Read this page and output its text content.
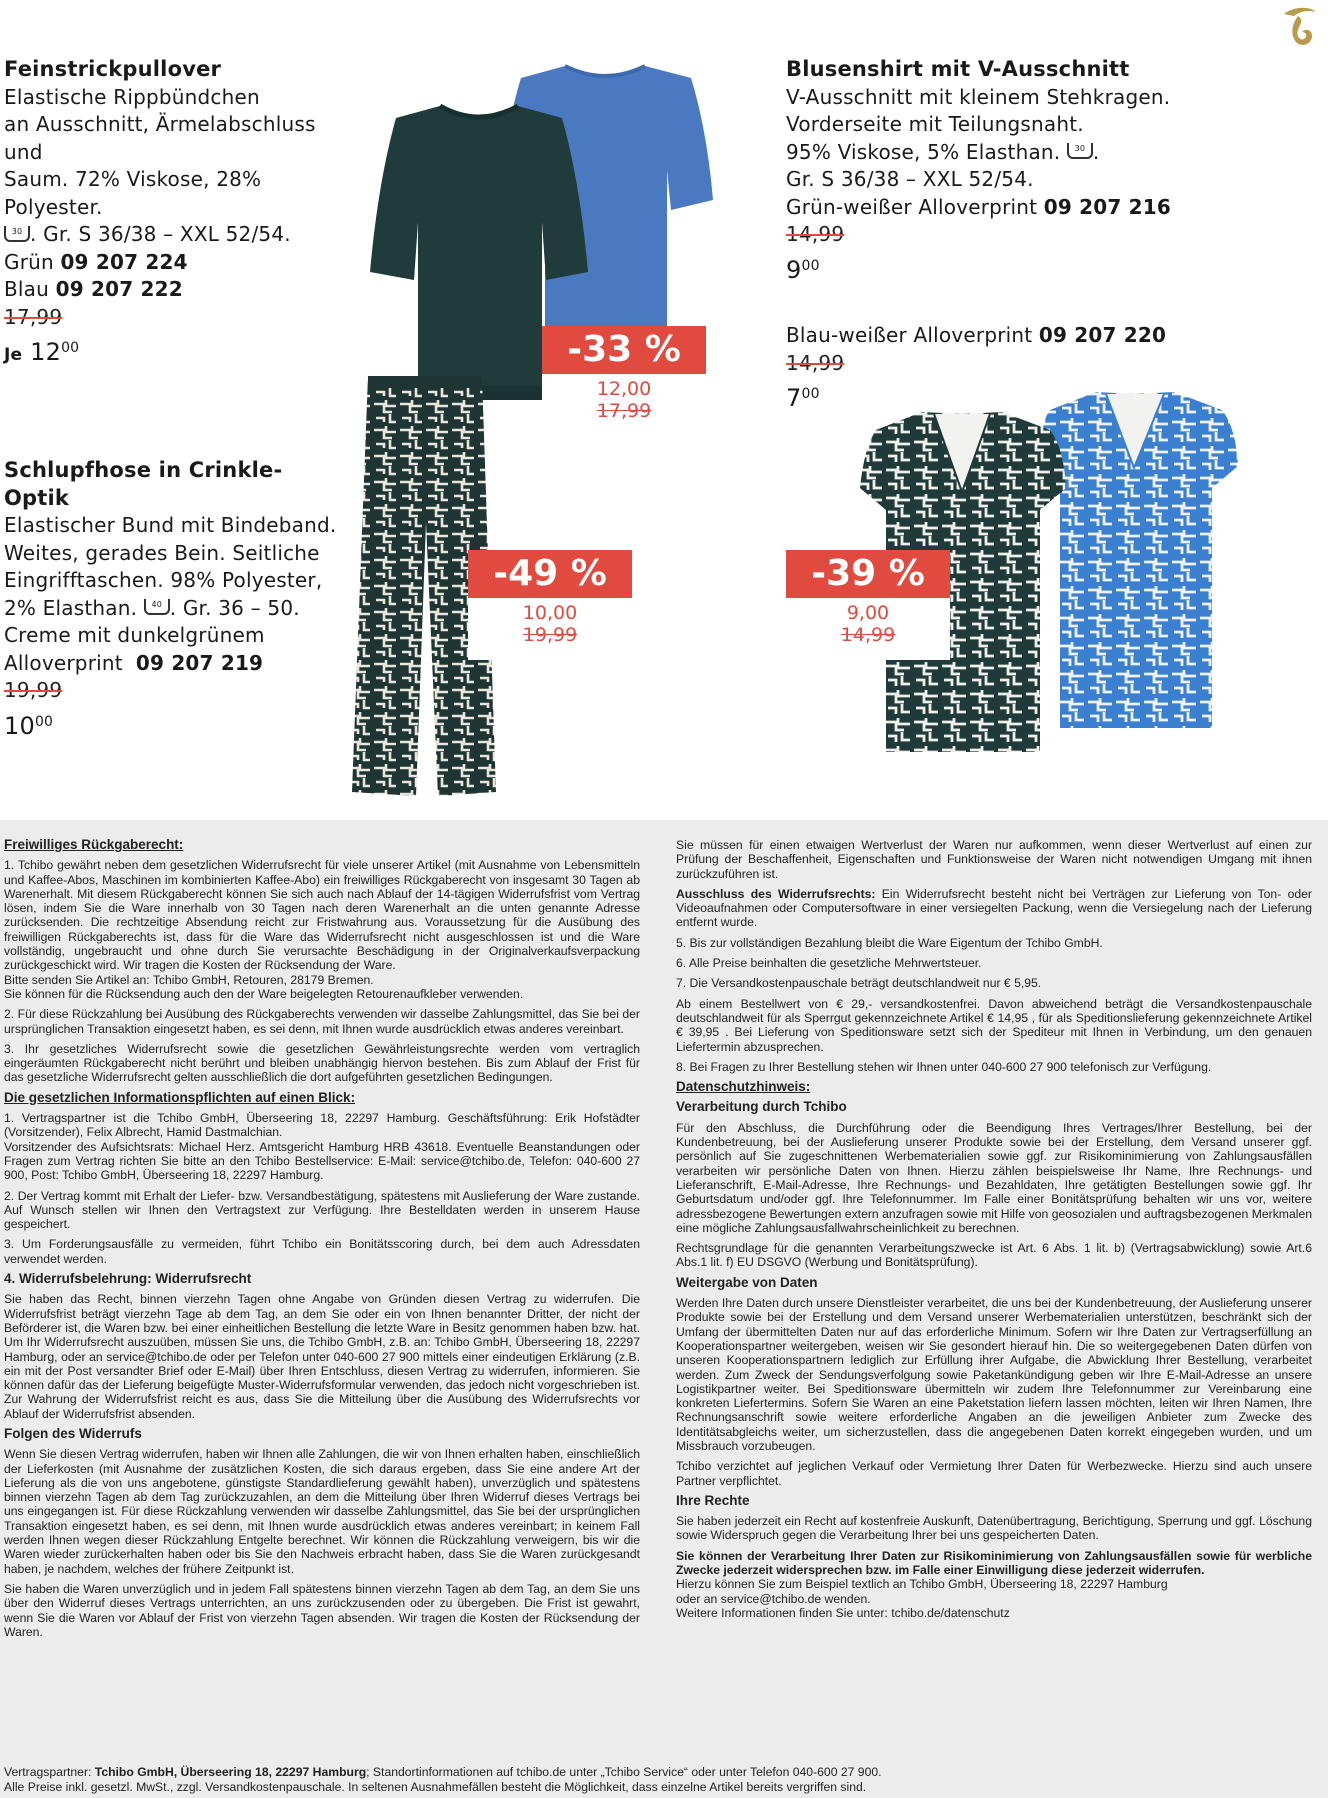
Feinstrickpullover
Elastische Rippbündchen
an Ausschnitt, Ärmelabschluss und
Saum. 72% Viskose, 28% Polyester.
30 . Gr. S 36/38 – XXL 52/54.
Grün 09 207 224
Blau 09 207 222
17,99
Je $12^{00}$	-33 %
12,00
17,99
Schlupfhose in Crinkle-Optik
Elastischer Bund mit Bindeband.
Weites, gerades Bein. Seitliche
Eingrifftaschen. 98% Polyester,
2% Elasthan. 40 . Gr. 36 – 50.
Creme mit dunkelgrünem
Alloverprint 09 207 219
19,99
$10^{00}$
-49 %
10,00
19,99
Blusenshirt mit V-Ausschnitt
V-Ausschnitt mit kleinem Stehkragen.
Vorderseite mit Teilungsnaht.
95% Viskose, 5% Elasthan. 30 .
Gr. S 36/38 – XXL 52/54.
Grün-weißer Alloverprint 09 207 216
14,99
$9^{00}$
Blau-weißer Alloverprint 09 207 220
14,99
$7^{00}$
-39 %
9,00
14,99
Freiwilliges Rückgaberecht:

1. Tchibo gewährt neben dem gesetzlichen Widerrufsrecht für viele unserer Artikel (mit Ausnahme von Lebensmitteln und Kaffee-Abos, Maschinen im kombinierten Kaffee-Abo) ein freiwilliges Rückgaberecht von insgesamt 30 Tagen ab Warenerhalt. Mit diesem Rückgaberecht können Sie sich auch nach Ablauf der 14-tägigen Widerrufsfrist vom Vertrag lösen, indem Sie die Ware innerhalb von 30 Tagen nach deren Warenerhalt an die unten genannte Adresse zurücksenden. Die rechtzeitige Absendung reicht zur Fristwahrung aus. Voraussetzung für die Ausübung des freiwilligen Rückgaberechts ist, dass für die Ware das Widerrufsrecht nicht ausgeschlossen ist und die Ware vollständig, ungebraucht und ohne durch Sie verursachte Beschädigung in der Originalverkaufsverpackung zurückgeschickt wird. Wir tragen die Kosten der Rücksendung der Ware.

Bitte senden Sie Artikel an: Tchibo GmbH, Retouren, 28179 Bremen.

Sie können für die Rücksendung auch den der Ware beigelegten Retourenaufkleber verwenden.

2. Für diese Rückzahlung bei Ausübung des Rückgaberechts verwenden wir dasselbe Zahlungsmittel, das Sie bei der ursprünglichen Transaktion eingesetzt haben, es sei denn, mit Ihnen wurde ausdrücklich etwas anderes vereinbart.

3. Ihr gesetzliches Widerrufsrecht sowie die gesetzlichen Gewährleistungsrechte werden vom vertraglich eingeräumten Rückgaberecht nicht berührt und bleiben unabhängig hiervon bestehen. Bis zum Ablauf der Frist für das gesetzliche Widerrufsrecht gelten ausschließlich die dort aufgeführten gesetzlichen Bedingungen.

Die gesetzlichen Informationspflichten auf einen Blick:

1. Vertragspartner ist die Tchibo GmbH, Überseering 18, 22297 Hamburg. Geschäftsführung: Erik Hofstädter (Vorsitzender), Felix Albrecht, Hamid Dastmalchian.

Vorsitzender des Aufsichtsrats: Michael Herz. Amtsgericht Hamburg HRB 43618. Eventuelle Beanstandungen oder Fragen zum Vertrag richten Sie bitte an den Tchibo Bestellservice: E-Mail: service@tchibo.de, Telefon: 040-600 27 900, Post: Tchibo GmbH, Überseering 18, 22297 Hamburg.

2. Der Vertrag kommt mit Erhalt der Liefer- bzw. Versandbestätigung, spätestens mit Auslieferung der Ware zustande. Auf Wunsch stellen wir Ihnen den Vertragstext zur Verfügung. Ihre Bestelldaten werden in unserem Hause gespeichert.

3. Um Forderungsausfälle zu vermeiden, führt Tchibo ein Bonitätsscoring durch, bei dem auch Adressdaten verwendet werden.

4. Widerrufsbelehrung: Widerrufsrecht

Sie haben das Recht, binnen vierzehn Tagen ohne Angabe von Gründen diesen Vertrag zu widerrufen. Die Widerrufsfrist beträgt vierzehn Tage ab dem Tag, an dem Sie oder ein von Ihnen benannter Dritter, der nicht der Beförderer ist, die Waren bzw. bei einer einheitlichen Bestellung die letzte Ware in Besitz genommen haben bzw. hat. Um Ihr Widerrufsrecht auszuüben, müssen Sie uns, die Tchibo GmbH, z.B. an: Tchibo GmbH, Überseering 18, 22297 Hamburg, oder an service@tchibo.de oder per Telefon unter 040-600 27 900 mittels einer eindeutigen Erklärung (z.B. ein mit der Post versandter Brief oder E-Mail) über Ihren Entschluss, diesen Vertrag zu widerrufen, informieren. Sie können dafür das der Lieferung beigefügte Muster-Widerrufsformular verwenden, das jedoch nicht vorgeschrieben ist. Zur Wahrung der Widerrufsfrist reicht es aus, dass Sie die Mitteilung über die Ausübung des Widerrufsrechts vor Ablauf der Widerrufsfrist absenden.

Folgen des Widerrufs

Wenn Sie diesen Vertrag widerrufen, haben wir Ihnen alle Zahlungen, die wir von Ihnen erhalten haben, einschließlich der Lieferkosten (mit Ausnahme der zusätzlichen Kosten, die sich daraus ergeben, dass Sie eine andere Art der Lieferung als die von uns angebotene, günstigste Standardlieferung gewählt haben), unverzüglich und spätestens binnen vierzehn Tagen ab dem Tag zurückzuzahlen, an dem die Mitteilung über Ihren Widerruf dieses Vertrags bei uns eingegangen ist. Für diese Rückzahlung verwenden wir dasselbe Zahlungsmittel, das Sie bei der ursprünglichen Transaktion eingesetzt haben, es sei denn, mit Ihnen wurde ausdrücklich etwas anderes vereinbart; in keinem Fall werden Ihnen wegen dieser Rückzahlung Entgelte berechnet. Wir können die Rückzahlung verweigern, bis wir die Waren wieder zurückerhalten haben oder bis Sie den Nachweis erbracht haben, dass Sie die Waren zurückgesandt haben, je nachdem, welches der frühere Zeitpunkt ist.

Sie haben die Waren unverzüglich und in jedem Fall spätestens binnen vierzehn Tagen ab dem Tag, an dem Sie uns über den Widerruf dieses Vertrags unterrichten, an uns zurückzusenden oder zu übergeben. Die Frist ist gewahrt, wenn Sie die Waren vor Ablauf der Frist von vierzehn Tagen absenden. Wir tragen die Kosten der Rücksendung der Waren.

Sie müssen für einen etwaigen Wertverlust der Waren nur aufkommen, wenn dieser Wertverlust auf einen zur Prüfung der Beschaffenheit, Eigenschaften und Funktionsweise der Waren nicht notwendigen Umgang mit ihnen zurückzuführen ist.

Ausschluss des Widerrufsrechts: Ein Widerrufsrecht besteht nicht bei Verträgen zur Lieferung von Ton- oder Videoaufnahmen oder Computersoftware in einer versiegelten Packung, wenn die Versiegelung nach der Lieferung entfernt wurde.

5. Bis zur vollständigen Bezahlung bleibt die Ware Eigentum der Tchibo GmbH.

6. Alle Preise beinhalten die gesetzliche Mehrwertsteuer.

7. Die Versandkostenpauschale beträgt deutschlandweit nur € 5,95.

Ab einem Bestellwert von € 29,- versandkostenfrei. Davon abweichend beträgt die Versandkostenpauschale deutschlandweit für als Sperrgut gekennzeichnete Artikel € 14,95 , für als Speditionslieferung gekennzeichnete Artikel € 39,95 . Bei Lieferung von Speditionsware setzt sich der Spediteur mit Ihnen in Verbindung, um den genauen Liefertermin abzusprechen.

8. Bei Fragen zu Ihrer Bestellung stehen wir Ihnen unter 040-600 27 900 telefonisch zur Verfügung.

Datenschutzhinweis:
Verarbeitung durch Tchibo

Für den Abschluss, die Durchführung oder die Beendigung Ihres Vertrages/Ihrer Bestellung, bei der Kundenbetreuung, bei der Auslieferung unserer Produkte sowie bei der Erstellung, dem Versand unserer ggf. persönlich auf Sie zugeschnittenen Werbematerialien sowie ggf. zur Risikominimierung von Zahlungsausfällen verarbeiten wir persönliche Daten von Ihnen. Hierzu zählen beispielsweise Ihr Name, Ihre Rechnungs- und Lieferanschrift, E-Mail-Adresse, Ihre Rechnungs- und Bezahldaten, Ihre getätigten Bestellungen sowie ggf. Ihr Geburtsdatum und/oder ggf. Ihre Telefonnummer. Im Falle einer Bonitätsprüfung behalten wir uns vor, weitere adressbezogene Bewertungen extern anzufragen sowie mit Hilfe von geosozialen und auftragsbezogenen Merkmalen eine mögliche Zahlungsausfallwahrscheinlichkeit zu berechnen.

Rechtsgrundlage für die genannten Verarbeitungszwecke ist Art. 6 Abs. 1 lit. b) (Vertragsabwicklung) sowie Art.6 Abs.1 lit. f) EU DSGVO (Werbung und Bonitätsprüfung).

Weitergabe von Daten

Werden Ihre Daten durch unsere Dienstleister verarbeitet, die uns bei der Kundenbetreuung, der Auslieferung unserer Produkte sowie bei der Erstellung und dem Versand unserer Werbematerialien unterstützen, beschränkt sich der Umfang der übermittelten Daten nur auf das erforderliche Minimum. Sofern wir Ihre Daten zur Vertragserfüllung an Kooperationspartner weitergeben, weisen wir Sie gesondert hierauf hin. Die so weitergegebenen Daten dürfen von unseren Kooperationspartnern lediglich zur Erfüllung ihrer Aufgabe, die Abwicklung Ihrer Bestellung, verarbeitet werden. Zum Zweck der Sendungsverfolgung sowie Paketankündigung geben wir Ihre E-Mail-Adresse an unsere Logistikpartner weiter. Bei Speditionsware übermitteln wir zudem Ihre Telefonnummer zur Vereinbarung eine konkreten Liefertermins. Sofern Sie Waren an eine Paketstation liefern lassen möchten, leiten wir Ihren Namen, Ihre Rechnungsanschrift sowie weitere erforderliche Angaben an die jeweiligen Anbieter zum Zwecke des Identitätsabgleichs weiter, um sicherzustellen, dass die angegebenen Daten korrekt eingegeben wurden, und um Missbrauch vorzubeugen.

Tchibo verzichtet auf jeglichen Verkauf oder Vermietung Ihrer Daten für Werbezwecke. Hierzu sind auch unsere Partner verpflichtet.

Ihre Rechte

Sie haben jederzeit ein Recht auf kostenfreie Auskunft, Datenübertragung, Berichtigung, Sperrung und ggf. Löschung sowie Widerspruch gegen die Verarbeitung Ihrer bei uns gespeicherten Daten.

Sie können der Verarbeitung Ihrer Daten zur Risikominimierung von Zahlungsausfällen sowie für werbliche Zwecke jederzeit widersprechen bzw. im Falle einer Einwilligung diese jederzeit widerrufen.

Hierzu können Sie zum Beispiel textlich an Tchibo GmbH, Überseering 18, 22297 Hamburg

oder an service@tchibo.de wenden.

Weitere Informationen finden Sie unter: tchibo.de/datenschutz

Vertragspartner: Tchibo GmbH, Überseering 18, 22297 Hamburg; Standortinformationen auf tchibo.de unter „Tchibo Service“ oder unter Telefon 040-600 27 900.
Alle Preise inkl. gesetzl. MwSt., zzgl. Versandkostenpauschale. In seltenen Ausnahmefällen besteht die Möglichkeit, dass einzelne Artikel bereits vergriffen sind.
